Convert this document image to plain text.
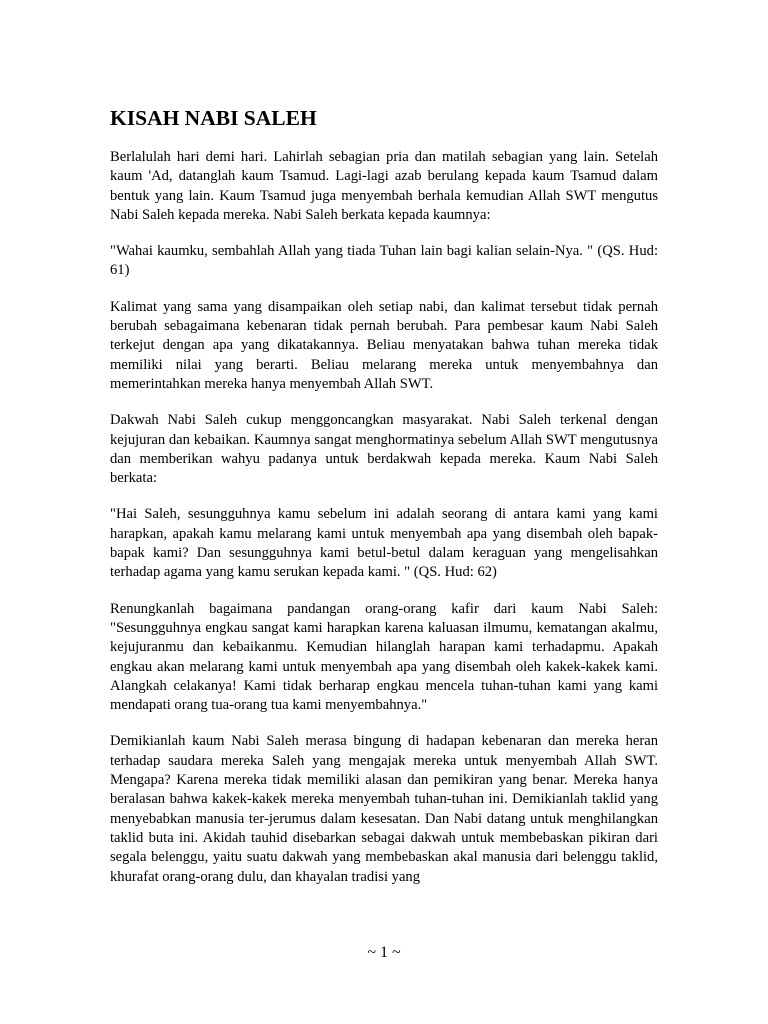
KISAH NABI SALEH

Berlalulah hari demi hari. Lahirlah sebagian pria dan matilah sebagian yang lain. Setelah kaum 'Ad, datanglah kaum Tsamud. Lagi-lagi azab berulang kepada kaum Tsamud dalam bentuk yang lain. Kaum Tsamud juga menyembah berhala kemudian Allah SWT mengutus Nabi Saleh kepada mereka. Nabi Saleh berkata kepada kaumnya:

"Wahai kaumku, sembahlah Allah yang tiada Tuhan lain bagi kalian selain-Nya. " (QS. Hud: 61)

Kalimat yang sama yang disampaikan oleh setiap nabi, dan kalimat tersebut tidak pernah berubah sebagaimana kebenaran tidak pernah berubah. Para pembesar kaum Nabi Saleh terkejut dengan apa yang dikatakannya. Beliau menyatakan bahwa tuhan mereka tidak memiliki nilai yang berarti. Beliau melarang mereka untuk menyembahnya dan memerintahkan mereka hanya menyembah Allah SWT.

Dakwah Nabi Saleh cukup menggoncangkan masyarakat. Nabi Saleh terkenal dengan kejujuran dan kebaikan. Kaumnya sangat menghormatinya sebelum Allah SWT mengutusnya dan memberikan wahyu padanya untuk berdakwah kepada mereka. Kaum Nabi Saleh berkata:

"Hai Saleh, sesungguhnya kamu sebelum ini adalah seorang di antara kami yang kami harapkan, apakah kamu melarang kami untuk menyembah apa yang disembah oleh bapak-bapak kami? Dan sesungguhnya kami betul-betul dalam keraguan yang mengelisahkan terhadap agama yang kamu serukan kepada kami. " (QS. Hud: 62)

Renungkanlah bagaimana pandangan orang-orang kafir dari kaum Nabi Saleh: "Sesungguhnya engkau sangat kami harapkan karena kaluasan ilmumu, kematangan akalmu, kejujuranmu dan kebaikanmu. Kemudian hilanglah harapan kami terhadapmu. Apakah engkau akan melarang kami untuk menyembah apa yang disembah oleh kakek-kakek kami. Alangkah celakanya! Kami tidak berharap engkau mencela tuhan-tuhan kami yang kami mendapati orang tua-orang tua kami menyembahnya."

Demikianlah kaum Nabi Saleh merasa bingung di hadapan kebenaran dan mereka heran terhadap saudara mereka Saleh yang mengajak mereka untuk menyembah Allah SWT. Mengapa? Karena mereka tidak memiliki alasan dan pemikiran yang benar. Mereka hanya beralasan bahwa kakek-kakek mereka menyembah tuhan-tuhan ini. Demikianlah taklid yang menyebabkan manusia ter-jerumus dalam kesesatan. Dan Nabi datang untuk menghilangkan taklid buta ini. Akidah tauhid disebarkan sebagai dakwah untuk membebaskan pikiran dari segala belenggu, yaitu suatu dakwah yang membebaskan akal manusia dari belenggu taklid, khurafat orang-orang dulu, dan khayalan tradisi yang

~ 1 ~
